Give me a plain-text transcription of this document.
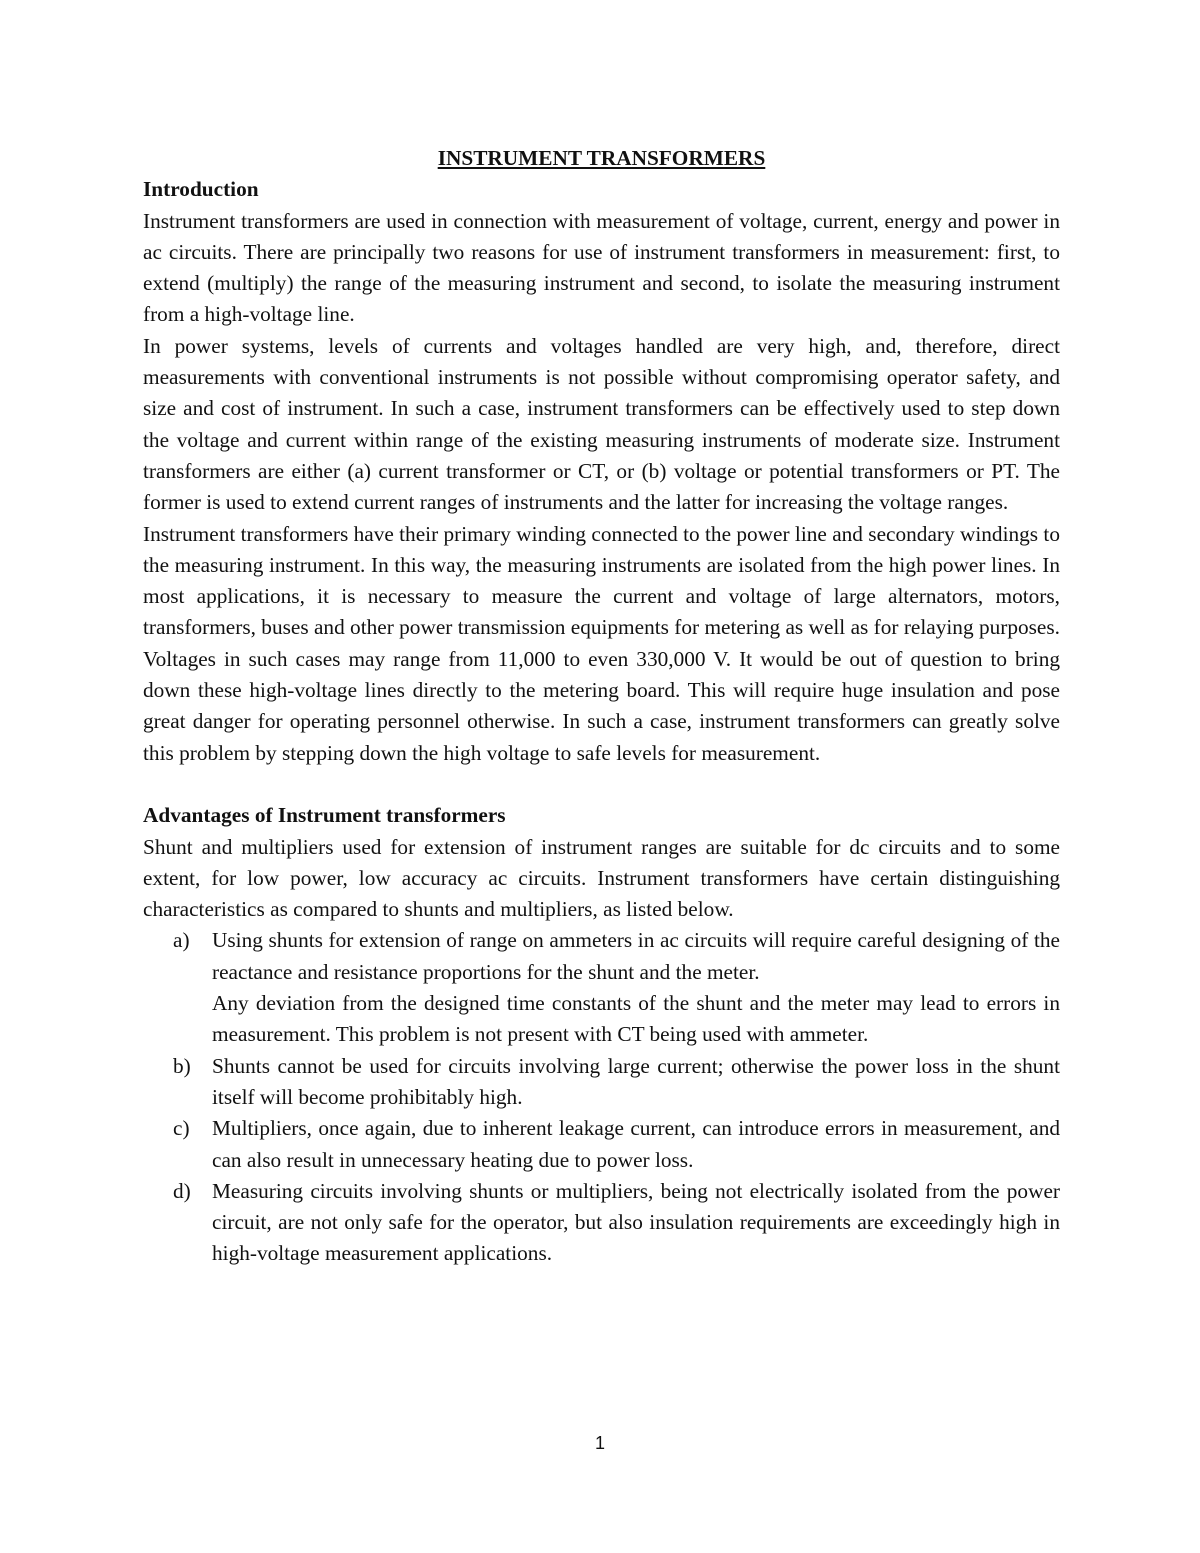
INSTRUMENT TRANSFORMERS

Introduction

Instrument transformers are used in connection with measurement of voltage, current, energy and power in ac circuits. There are principally two reasons for use of instrument transformers in measurement: first, to extend (multiply) the range of the measuring instrument and second, to isolate the measuring instrument from a high-voltage line.

In power systems, levels of currents and voltages handled are very high, and, therefore, direct measurements with conventional instruments is not possible without compromising operator safety, and size and cost of instrument. In such a case, instrument transformers can be effectively used to step down the voltage and current within range of the existing measuring instruments of moderate size. Instrument transformers are either (a) current transformer or CT, or (b) voltage or potential transformers or PT. The former is used to extend current ranges of instruments and the latter for increasing the voltage ranges.

Instrument transformers have their primary winding connected to the power line and secondary windings to the measuring instrument. In this way, the measuring instruments are isolated from the high power lines. In most applications, it is necessary to measure the current and voltage of large alternators, motors, transformers, buses and other power transmission equipments for metering as well as for relaying purposes. Voltages in such cases may range from 11,000 to even 330,000 V. It would be out of question to bring down these high-voltage lines directly to the metering board. This will require huge insulation and pose great danger for operating personnel otherwise. In such a case, instrument transformers can greatly solve this problem by stepping down the high voltage to safe levels for measurement.

Advantages of Instrument transformers

Shunt and multipliers used for extension of instrument ranges are suitable for dc circuits and to some extent, for low power, low accuracy ac circuits. Instrument transformers have certain distinguishing characteristics as compared to shunts and multipliers, as listed below.

a) Using shunts for extension of range on ammeters in ac circuits will require careful designing of the reactance and resistance proportions for the shunt and the meter.
Any deviation from the designed time constants of the shunt and the meter may lead to errors in measurement. This problem is not present with CT being used with ammeter.
b) Shunts cannot be used for circuits involving large current; otherwise the power loss in the shunt itself will become prohibitably high.
c) Multipliers, once again, due to inherent leakage current, can introduce errors in measurement, and can also result in unnecessary heating due to power loss.
d) Measuring circuits involving shunts or multipliers, being not electrically isolated from the power circuit, are not only safe for the operator, but also insulation requirements are exceedingly high in high-voltage measurement applications.
1
